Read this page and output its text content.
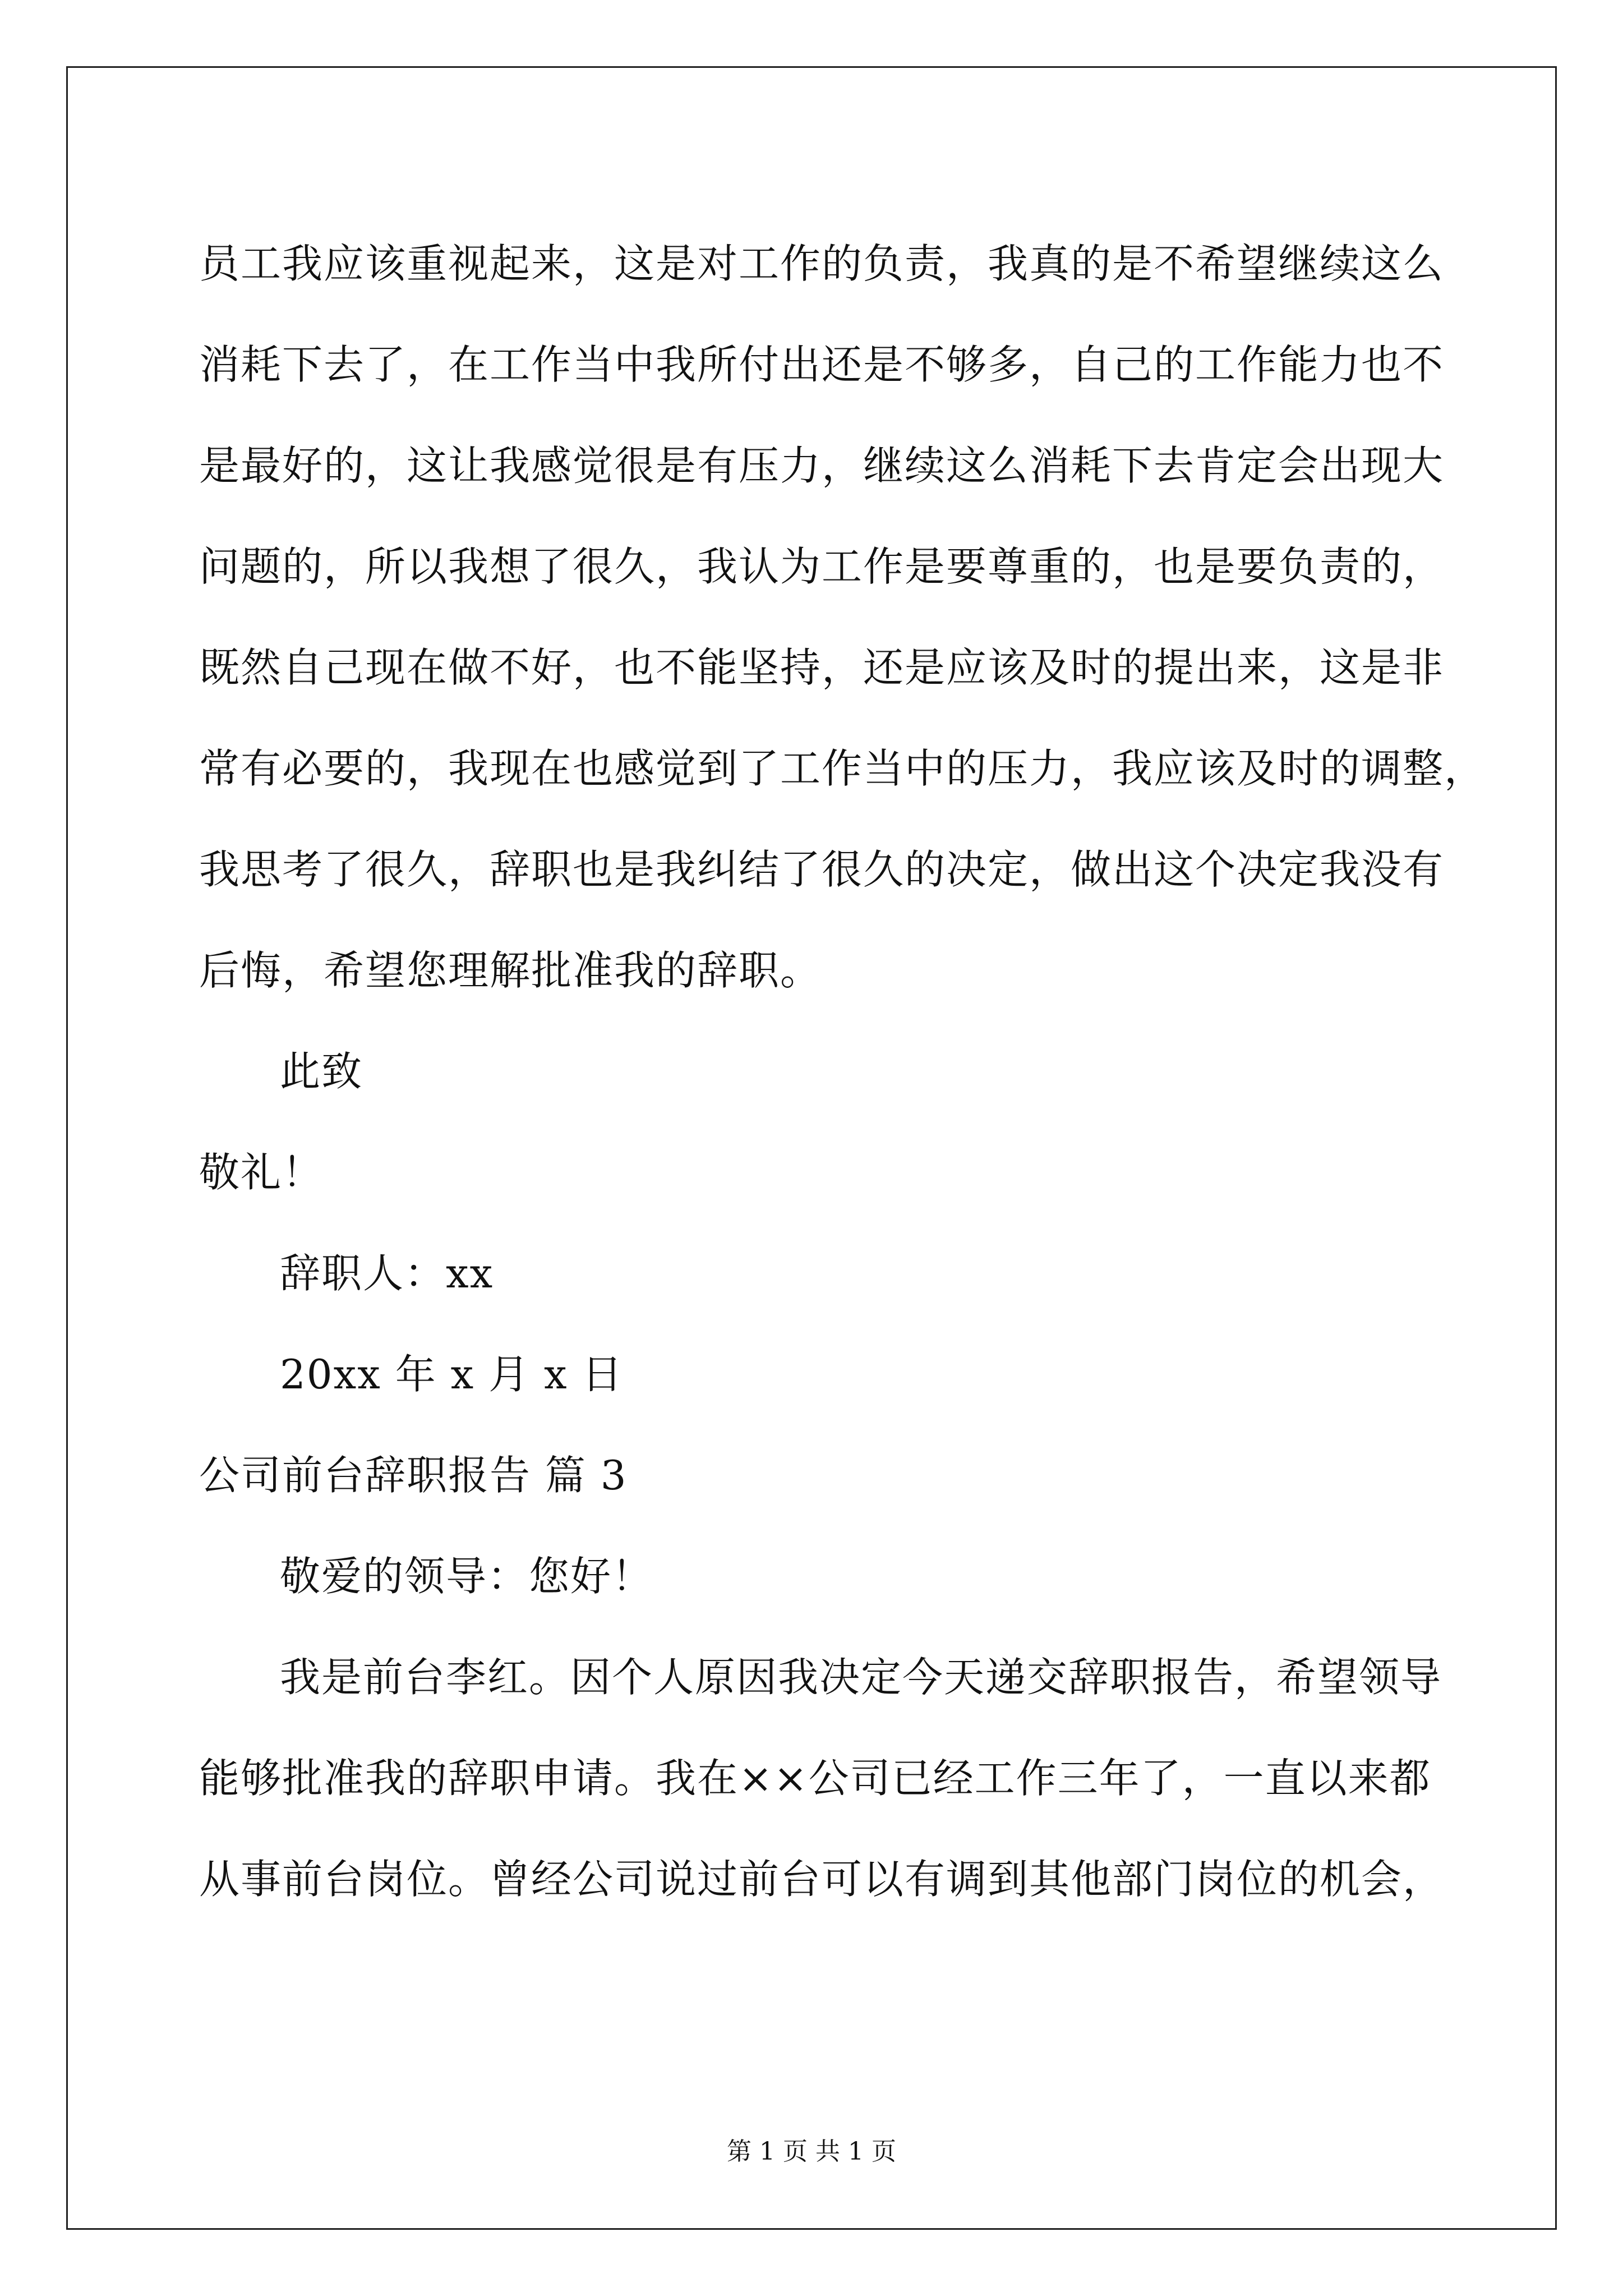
员工我应该重视起来，这是对工作的负责，我真的是不希望继续这么
消耗下去了，在工作当中我所付出还是不够多，自己的工作能力也不
是最好的，这让我感觉很是有压力，继续这么消耗下去肯定会出现大
问题的，所以我想了很久，我认为工作是要尊重的，也是要负责的，
既然自己现在做不好，也不能坚持，还是应该及时的提出来，这是非
常有必要的，我现在也感觉到了工作当中的压力，我应该及时的调整，
我思考了很久，辞职也是我纠结了很久的决定，做出这个决定我没有
后悔，希望您理解批准我的辞职。
此致
敬礼！
辞职人：xx
20xx 年 x 月 x 日
公司前台辞职报告 篇 3
敬爱的领导：您好！
我是前台李红。因个人原因我决定今天递交辞职报告，希望领导
能够批准我的辞职申请。我在××公司已经工作三年了，一直以来都
从事前台岗位。曾经公司说过前台可以有调到其他部门岗位的机会，
第 1 页 共 1 页
